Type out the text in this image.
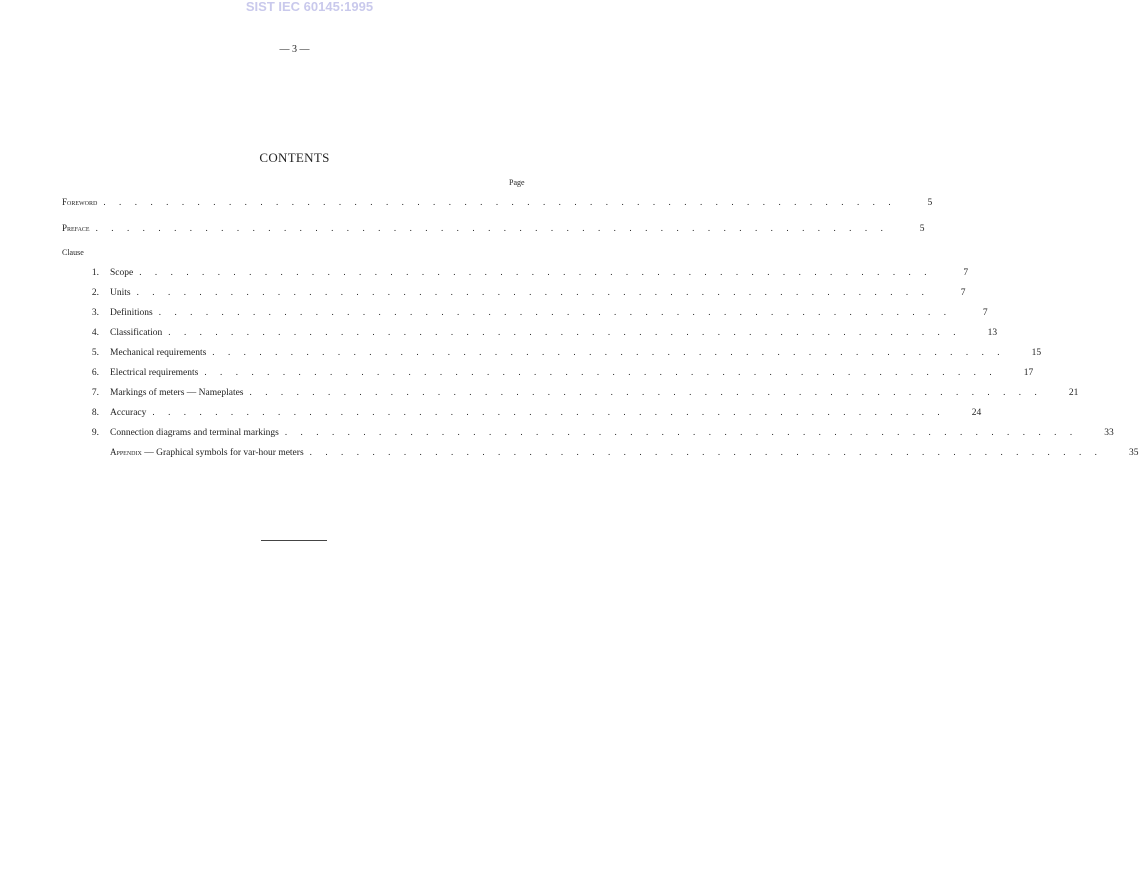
SIST IEC 60145:1995
— 3 —
CONTENTS
Page
Foreword . . . . . . . . . . . . . . . . . . . . . . . . . . . . . . . . . . . . . . . . . . . . . . . . . . .	5
Preface . . . . . . . . . . . . . . . . . . . . . . . . . . . . . . . . . . . . . . . . . . . . . . . . . . .	5
Clause
1. Scope . . . . . . . . . . . . . . . . . . . . . . . . . . . . . . . . . . . . . . . . . . . . . . . . . . .	7
2. Units . . . . . . . . . . . . . . . . . . . . . . . . . . . . . . . . . . . . . . . . . . . . . . . . . . .	7
3. Definitions . . . . . . . . . . . . . . . . . . . . . . . . . . . . . . . . . . . . . . . . . . . . . . . . . . .	7
4. Classification . . . . . . . . . . . . . . . . . . . . . . . . . . . . . . . . . . . . . . . . . . . . . . . . . . .	13
5. Mechanical requirements . . . . . . . . . . . . . . . . . . . . . . . . . . . . . . . . . . . . . . . . . . . . . . . . . . .	15
6. Electrical requirements . . . . . . . . . . . . . . . . . . . . . . . . . . . . . . . . . . . . . . . . . . . . . . . . . . .	17
7. Markings of meters — Nameplates . . . . . . . . . . . . . . . . . . . . . . . . . . . . . . . . . . . . . . . . . . . . . . . . . . .	21
8. Accuracy . . . . . . . . . . . . . . . . . . . . . . . . . . . . . . . . . . . . . . . . . . . . . . . . . . .	24
9. Connection diagrams and terminal markings . . . . . . . . . . . . . . . . . . . . . . . . . . . . . . . . . . . . . . . . . . . . . . . . . . .	33
Appendix
— Graphical symbols for var-hour meters . . . . . . . . . . . . . . . . . . . . . . . . . . . . . . . . . . . . . . . . . . . . . . . . . . .	35
